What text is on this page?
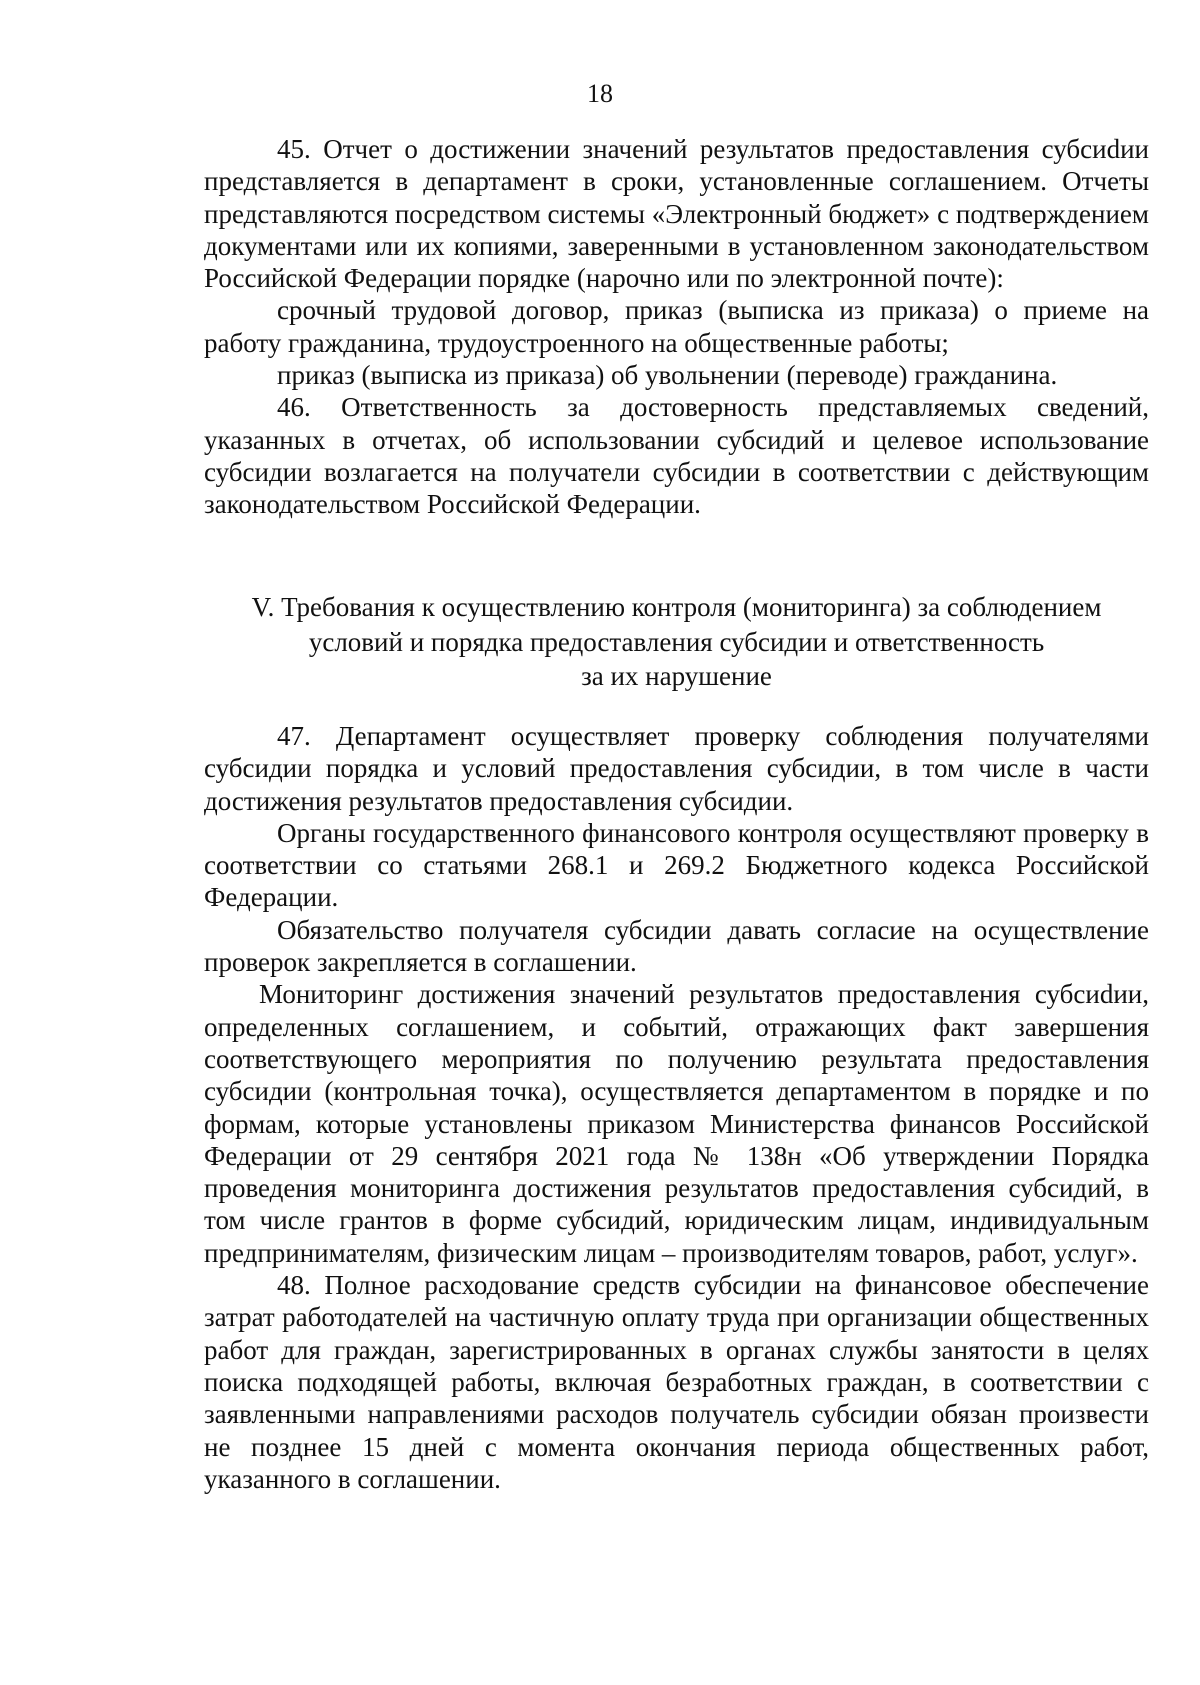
18

45. Отчет о достижении значений результатов предоставления субсиdии представляется в департамент в сроки, установленные соглашением. Отчеты представляются посредством системы «Электронный бюджет» с подтверждением документами или их копиями, заверенными в установленном законодательством Российской Федерации порядке (нарочно или по электронной почте):

срочный трудовой договор, приказ (выписка из приказа) о приеме на работу гражданина, трудоустроенного на общественные работы;

приказ (выписка из приказа) об увольнении (переводе) гражданина.

46. Ответственность за достоверность представляемых сведений, указанных в отчетах, об использовании субсидий и целевое использование субсидии возлагается на получатели субсидии в соответствии с действующим законодательством Российской Федерации.

V. Требования к осуществлению контроля (мониторинга) за соблюдением
условий и порядка предоставления субсидии и ответственность
за их нарушение

47. Департамент осуществляет проверку соблюдения получателями субсидии порядка и условий предоставления субсидии, в том числе в части достижения результатов предоставления субсидии.

Органы государственного финансового контроля осуществляют проверку в соответствии со статьями 268.1 и 269.2 Бюджетного кодекса Российской Федерации.

Обязательство получателя субсидии давать согласие на осуществление проверок закрепляется в соглашении.

Мониторинг достижения значений результатов предоставления субсиdии, определенных соглашением, и событий, отражающих факт завершения соответствующего мероприятия по получению результата предоставления субсидии (контрольная точка), осуществляется департаментом в порядке и по формам, которые установлены приказом Министерства финансов Российской Федерации от 29 сентября 2021 года № 138н «Об утверждении Порядка проведения мониторинга достижения результатов предоставления субсидий, в том числе грантов в форме субсидий, юридическим лицам, индивидуальным предпринимателям, физическим лицам – производителям товаров, работ, услуг».

48. Полное расходование средств субсидии на финансовое обеспечение затрат работодателей на частичную оплату труда при организации общественных работ для граждан, зарегистрированных в органах службы занятости в целях поиска подходящей работы, включая безработных граждан, в соответствии с заявленными направлениями расходов получатель субсидии обязан произвести не позднее 15 дней с момента окончания периода общественных работ, указанного в соглашении.
